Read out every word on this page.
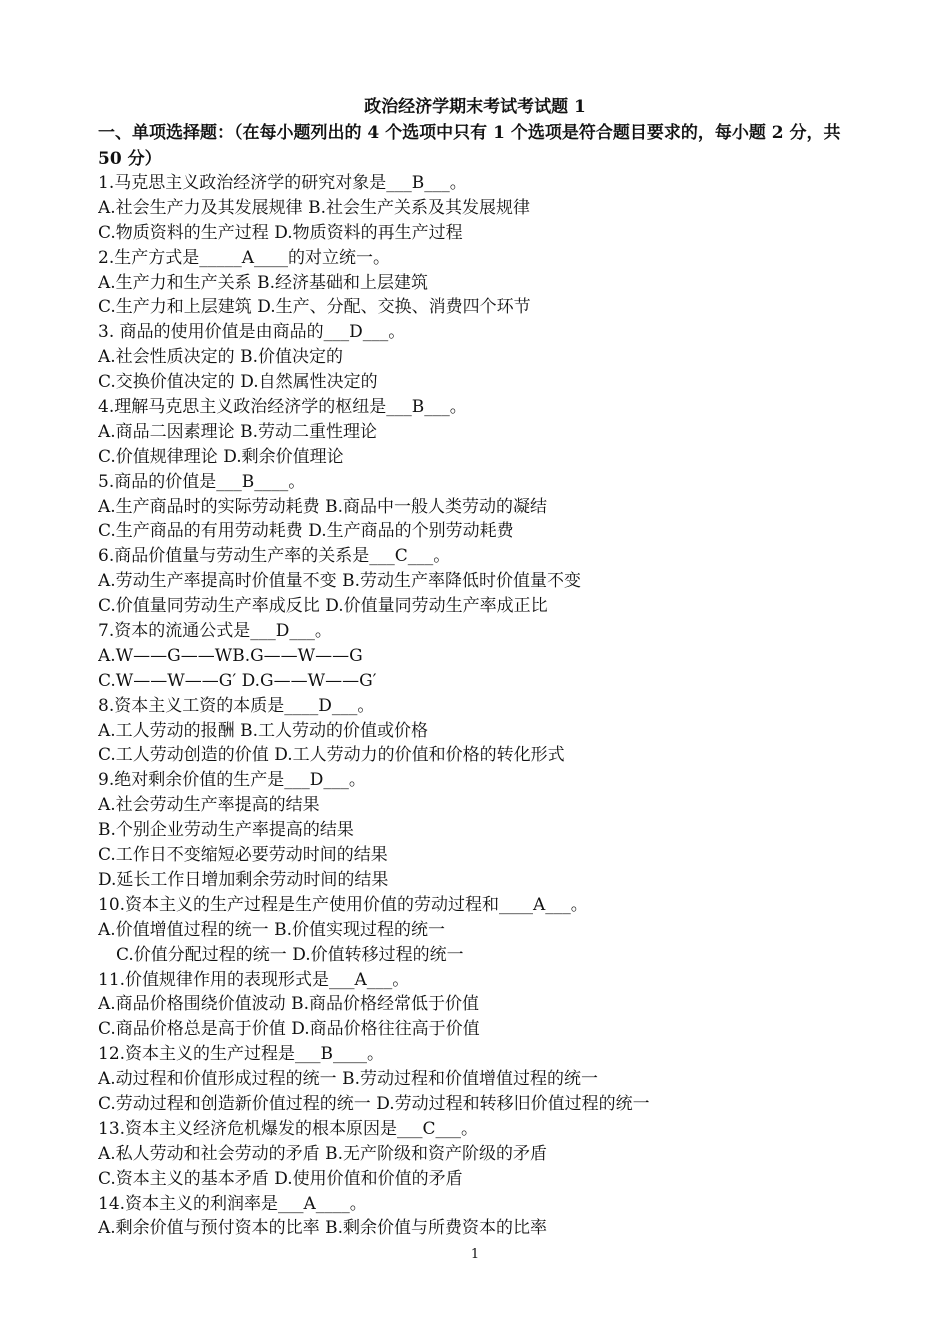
政治经济学期末考试考试题 1
一、单项选择题：（在每小题列出的 4 个选项中只有 1 个选项是符合题目要求的，每小题 2 分，共 50 分）
1.马克思主义政治经济学的研究对象是___B___。
A.社会生产力及其发展规律 B.社会生产关系及其发展规律
C.物质资料的生产过程 D.物质资料的再生产过程
2.生产方式是_____A____的对立统一。
A.生产力和生产关系 B.经济基础和上层建筑
C.生产力和上层建筑 D.生产、分配、交换、消费四个环节
3. 商品的使用价值是由商品的___D___。
A.社会性质决定的 B.价值决定的
C.交换价值决定的 D.自然属性决定的
4.理解马克思主义政治经济学的枢纽是___B___。
A.商品二因素理论 B.劳动二重性理论
C.价值规律理论 D.剩余价值理论
5.商品的价值是___B____。
A.生产商品时的实际劳动耗费 B.商品中一般人类劳动的凝结
C.生产商品的有用劳动耗费 D.生产商品的个别劳动耗费
6.商品价值量与劳动生产率的关系是___C___。
A.劳动生产率提高时价值量不变 B.劳动生产率降低时价值量不变
C.价值量同劳动生产率成反比 D.价值量同劳动生产率成正比
7.资本的流通公式是___D___。
A.W——G——WB.G——W——G
C.W——W——G′ D.G——W——G′
8.资本主义工资的本质是____D___。
A.工人劳动的报酬 B.工人劳动的价值或价格
C.工人劳动创造的价值 D.工人劳动力的价值和价格的转化形式
9.绝对剩余价值的生产是___D___。
A.社会劳动生产率提高的结果
B.个别企业劳动生产率提高的结果
C.工作日不变缩短必要劳动时间的结果
D.延长工作日增加剩余劳动时间的结果
10.资本主义的生产过程是生产使用价值的劳动过程和____A___。
A.价值增值过程的统一 B.价值实现过程的统一
C.价值分配过程的统一 D.价值转移过程的统一
11.价值规律作用的表现形式是___A___。
A.商品价格围绕价值波动 B.商品价格经常低于价值
C.商品价格总是高于价值 D.商品价格往往高于价值
12.资本主义的生产过程是___B____。
A.动过程和价值形成过程的统一 B.劳动过程和价值增值过程的统一
C.劳动过程和创造新价值过程的统一 D.劳动过程和转移旧价值过程的统一
13.资本主义经济危机爆发的根本原因是___C___。
A.私人劳动和社会劳动的矛盾 B.无产阶级和资产阶级的矛盾
C.资本主义的基本矛盾 D.使用价值和价值的矛盾
14.资本主义的利润率是___A____。
A.剩余价值与预付资本的比率 B.剩余价值与所费资本的比率
1
